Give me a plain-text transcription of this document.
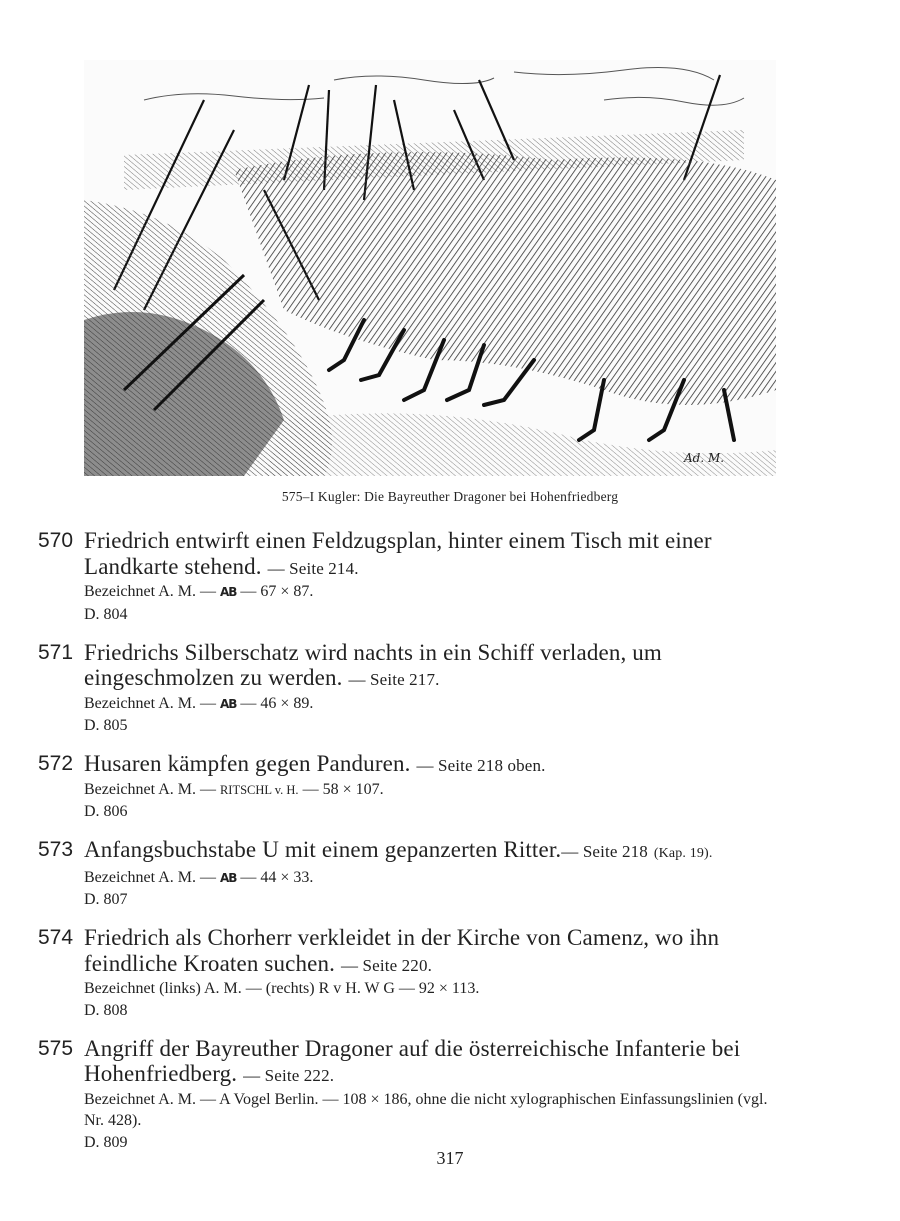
Ad. M.
575–I Kugler: Die Bayreuther Dragoner bei Hohenfriedberg
570 Friedrich entwirft einen Feldzugsplan, hinter einem Tisch mit einer Landkarte stehend. — Seite 214.
Bezeichnet A. M. — AB — 67 × 87.
D. 804
571 Friedrichs Silberschatz wird nachts in ein Schiff verladen, um eingeschmolzen zu werden. — Seite 217.
Bezeichnet A. M. — AB — 46 × 89.
D. 805
572 Husaren kämpfen gegen Panduren. — Seite 218 oben.
Bezeichnet A. M. — RITSCHL v. H. — 58 × 107.
D. 806
573 Anfangsbuchstabe U mit einem gepanzerten Ritter.— Seite 218 (Kap. 19).
Bezeichnet A. M. — AB — 44 × 33.
D. 807
574 Friedrich als Chorherr verkleidet in der Kirche von Camenz, wo ihn feindliche Kroaten suchen. — Seite 220.
Bezeichnet (links) A. M. — (rechts) R v H. W G — 92 × 113.
D. 808
575 Angriff der Bayreuther Dragoner auf die österreichische Infanterie bei Hohenfriedberg. — Seite 222.
Bezeichnet A. M. — A Vogel Berlin. — 108 × 186, ohne die nicht xylographischen Einfassungslinien (vgl. Nr. 428).
D. 809
317
